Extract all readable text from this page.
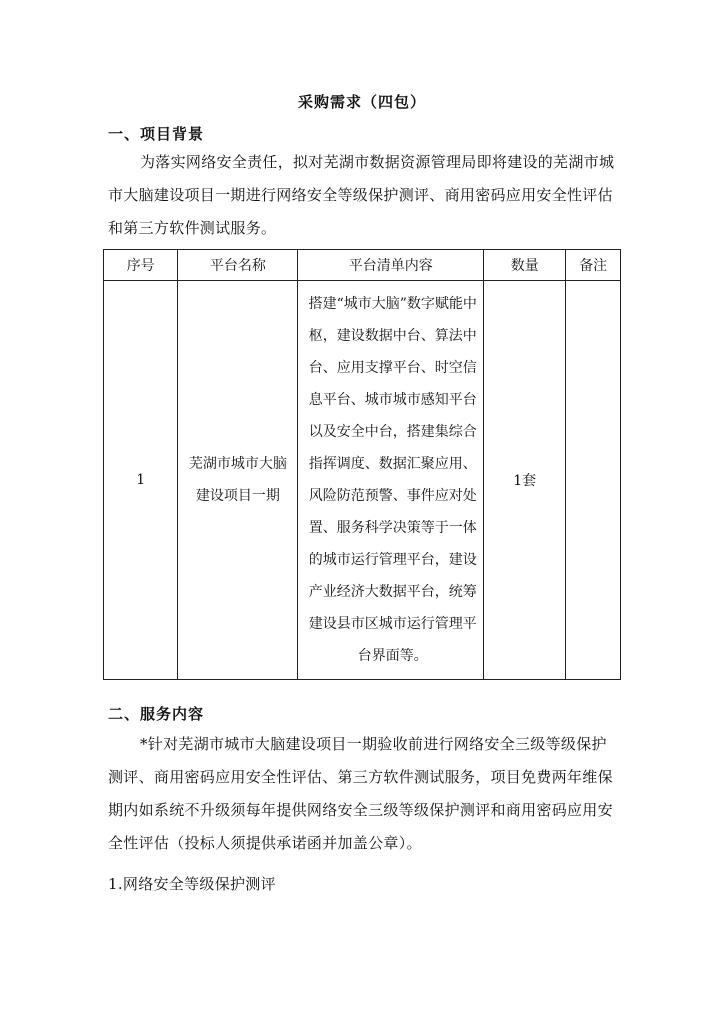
采购需求（四包）
一、项目背景
为落实网络安全责任，拟对芜湖市数据资源管理局即将建设的芜湖市城市大脑建设项目一期进行网络安全等级保护测评、商用密码应用安全性评估和第三方软件测试服务。
序号	平台名称	平台清单内容	数量	备注
1	芜湖市城市大脑建设项目一期	搭建“城市大脑”数字赋能中枢，建设数据中台、算法中台、应用支撑平台、时空信息平台、城市城市感知平台以及安全中台，搭建集综合指挥调度、数据汇聚应用、风险防范预警、事件应对处置、服务科学决策等于一体的城市运行管理平台，建设产业经济大数据平台，统筹建设县市区城市运行管理平台界面等。	1套	
二、服务内容
*针对芜湖市城市大脑建设项目一期验收前进行网络安全三级等级保护测评、商用密码应用安全性评估、第三方软件测试服务，项目免费两年维保期内如系统不升级须每年提供网络安全三级等级保护测评和商用密码应用安全性评估（投标人须提供承诺函并加盖公章）。
1.网络安全等级保护测评
